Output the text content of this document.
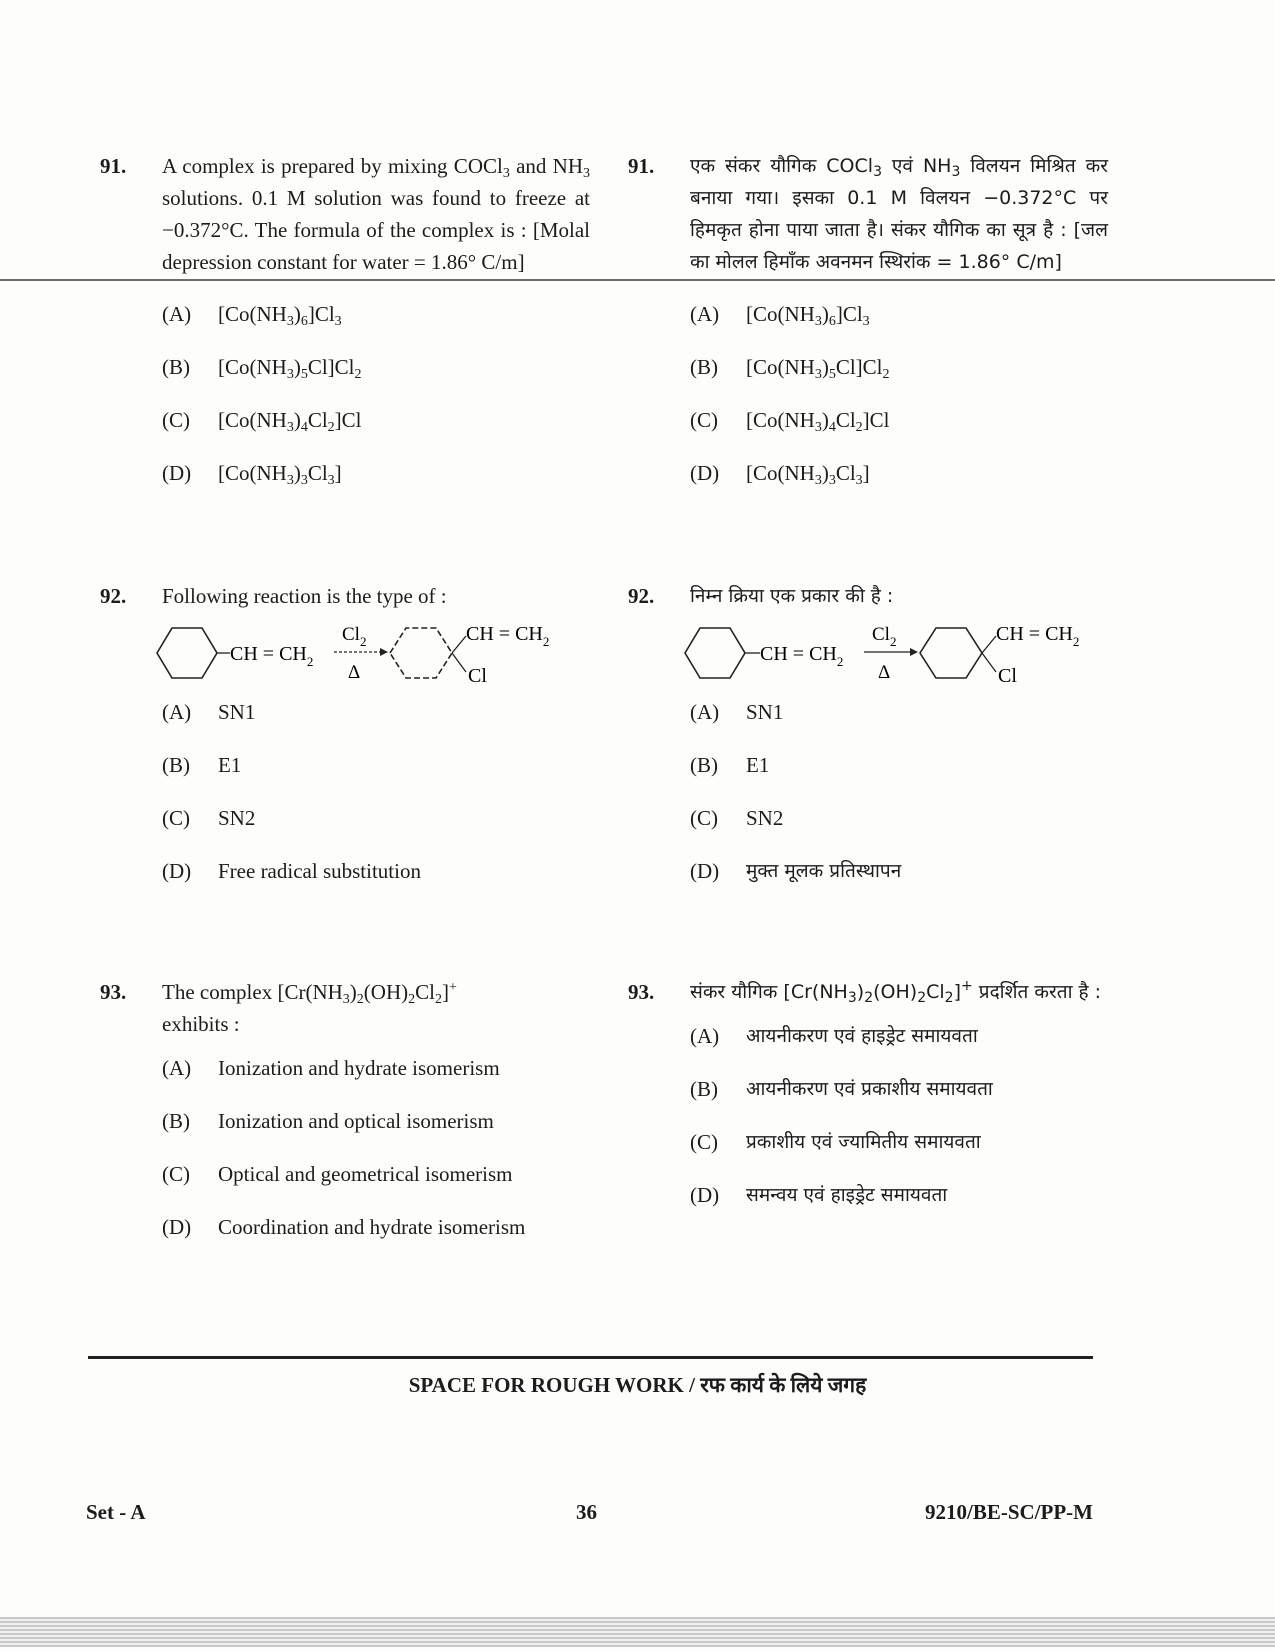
91. A complex is prepared by mixing COCl$_3$ and $NH_3$ solutions. 0.1 M solution was found to freeze at −0.372°C. The formula of the complex is : [Molal depression constant for water = 1.86° C/m]
(A)	$[Co(NH_3)_6]Cl_3$
(B)	$[Co(NH_3)_5Cl]Cl_2$
(C)	$[Co(NH_3)_4Cl_2]Cl$
(D)	$[Co(NH_3)_3Cl_3]$
92. Following reaction is the type of :
CH = $CH_2$
$Cl_2$
Δ
CH = $CH_2$
Cl
(A)	SN1
(B)	E1
(C)	SN2
(D)	Free radical substitution
93. The complex $[Cr(NH_3)_2(OH)_2Cl_2]^+$
exhibits :
(A)	Ionization and hydrate isomerism
(B)	Ionization and optical isomerism
(C)	Optical and geometrical isomerism
(D)	Coordination and hydrate isomerism
91. एक संकर यौगिक COCl$_3$ एवं $NH_3$ विलयन मिश्रित कर बनाया गया। इसका 0.1 M विलयन −0.372°C पर हिमकृत होना पाया जाता है। संकर यौगिक का सूत्र है : [जल का मोलल हिमाँक अवनमन स्थिरांक = 1.86° C/m]
(A)	$[Co(NH_3)_6]Cl_3$
(B)	$[Co(NH_3)_5Cl]Cl_2$
(C)	$[Co(NH_3)_4Cl_2]Cl$
(D)	$[Co(NH_3)_3Cl_3]$
92. निम्न क्रिया एक प्रकार की है :
CH = $CH_2$
$Cl_2$
Δ
CH = $CH_2$
Cl
(A)	SN1
(B)	E1
(C)	SN2
(D)	मुक्त मूलक प्रतिस्थापन
93. संकर यौगिक $[Cr(NH_3)_2(OH)_2Cl_2]^+$ प्रदर्शित करता है :
(A)	आयनीकरण एवं हाइड्रेट समायवता
(B)	आयनीकरण एवं प्रकाशीय समायवता
(C)	प्रकाशीय एवं ज्यामितीय समायवता
(D)	समन्वय एवं हाइड्रेट समायवता
SPACE FOR ROUGH WORK / रफ कार्य के लिये जगह
Set - A	36	9210/BE-SC/PP-M
